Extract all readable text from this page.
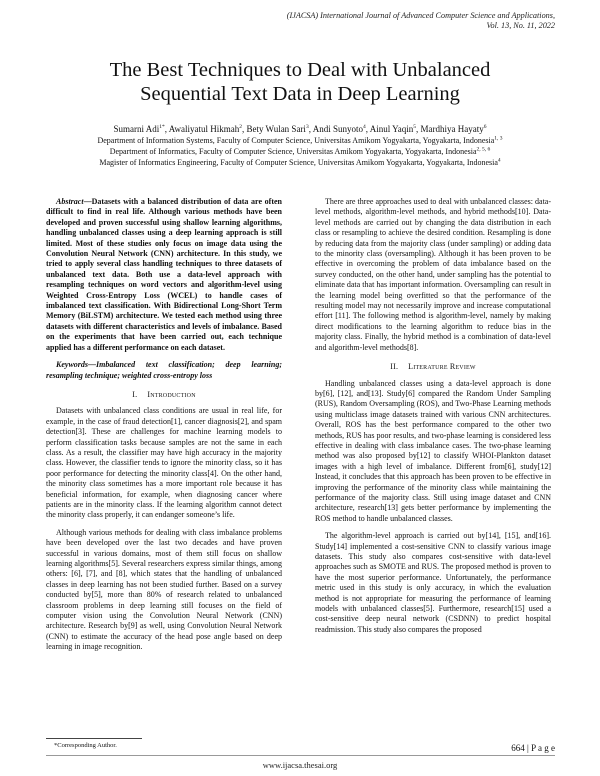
(IJACSA) International Journal of Advanced Computer Science and Applications,
Vol. 13, No. 11, 2022
The Best Techniques to Deal with Unbalanced
Sequential Text Data in Deep Learning
Sumarni Adi$^{1*}$, Awaliyatul Hikmah$^2$, Bety Wulan Sari$^3$, Andi Sunyoto$^4$, Ainul Yaqin$^5$, Mardhiya Hayaty$^6$
Department of Information Systems, Faculty of Computer Science, Universitas Amikom Yogyakarta, Yogyakarta, Indonesia$^{1, 3}$
Department of Informatics, Faculty of Computer Science, Universitas Amikom Yogyakarta, Yogyakarta, Indonesia$^{2, 5, 6}$
Magister of Informatics Engineering, Faculty of Computer Science, Universitas Amikom Yogyakarta, Yogyakarta, Indonesia$^4$

Abstract—Datasets with a balanced distribution of data are often difficult to find in real life. Although various methods have been developed and proven successful using shallow learning algorithms, handling unbalanced classes using a deep learning approach is still limited. Most of these studies only focus on image data using the Convolution Neural Network (CNN) architecture. In this study, we tried to apply several class handling techniques to three datasets of unbalanced text data. Both use a data-level approach with resampling techniques on word vectors and algorithm-level using Weighted Cross-Entropy Loss (WCEL) to handle cases of imbalanced text classification. With Bidirectional Long-Short Term Memory (BiLSTM) architecture. We tested each method using three datasets with different characteristics and levels of imbalance. Based on the experiments that have been carried out, each technique applied has a different performance on each dataset.

Keywords—Imbalanced text classification; deep learning; resampling technique; weighted cross-entropy loss

I. Introduction

Datasets with unbalanced class conditions are usual in real life, for example, in the case of fraud detection[1], cancer diagnosis[2], and spam detection[3]. These are challenges for machine learning models to perform classification tasks because samples are not the same in each class. As a result, the classifier may have high accuracy in the majority class. However, the classifier tends to ignore the minority class, so it has poor performance for detecting the minority class[4]. On the other hand, the minority class sometimes has a more important role because it has beneficial information, for example, when diagnosing cancer where patients are in the minority class. If the learning algorithm cannot detect the minority class properly, it can endanger someone’s life.

Although various methods for dealing with class imbalance problems have been developed over the last two decades and have proven successful in various domains, most of them still focus on shallow learning algorithms[5]. Several researchers express similar things, among others: [6], [7], and [8], which states that the handling of unbalanced classes in deep learning has not been studied further. Based on a survey conducted by[5], more than 80% of research related to unbalanced classroom problems in deep learning still focuses on the field of computer vision using the Convolution Neural Network (CNN) architecture. Research by[9] as well, using Convolution Neural Network (CNN) to estimate the accuracy of the head pose angle based on deep learning in image recognition.

There are three approaches used to deal with unbalanced classes: data-level methods, algorithm-level methods, and hybrid methods[10]. Data-level methods are carried out by changing the data distribution in each class or resampling to achieve the desired condition. Resampling is done by reducing data from the majority class (under sampling) or adding data to the minority class (oversampling). Although it has been proven to be effective in overcoming the problem of data imbalance based on the survey conducted, on the other hand, under sampling has the potential to eliminate data that has important information. Oversampling can result in the learning model being overfitted so that the performance of the resulting model may not necessarily improve and increase computational effort [11]. The following method is algorithm-level, namely by making direct modifications to the learning algorithm to reduce bias in the majority class. Finally, the hybrid method is a combination of data-level and algorithm-level methods[8].

II. Literature Review

Handling unbalanced classes using a data-level approach is done by[6], [12], and[13]. Study[6] compared the Random Under Sampling (RUS), Random Oversampling (ROS), and Two-Phase Learning methods using multiclass image datasets trained with various CNN architectures. Overall, ROS has the best performance compared to the other two methods, RUS has poor results, and two-phase learning is considered less effective in dealing with class imbalance cases. The two-phase learning method was also proposed by[12] to classify WHOI-Plankton dataset images with a high level of imbalance. Different from[6], study[12] Instead, it concludes that this approach has been proven to be effective in improving the performance of the minority class while maintaining the performance of the majority class. Still using image dataset and CNN architecture, research[13] gets better performance by implementing the ROS method to handle unbalanced classes.

The algorithm-level approach is carried out by[14], [15], and[16]. Study[14] implemented a cost-sensitive CNN to classify various image datasets. This study also compares cost-sensitive with data-level approaches such as SMOTE and RUS. The proposed method is proven to have the most superior performance. Unfortunately, the performance metric used in this study is only accuracy, in which the evaluation method is not appropriate for measuring the performance of learning models with unbalanced classes[5]. Furthermore, research[15] used a cost-sensitive deep neural network (CSDNN) to predict hospital readmission. This study also compares the proposed

*Corresponding Author.	664 | P a g e
www.ijacsa.thesai.org
